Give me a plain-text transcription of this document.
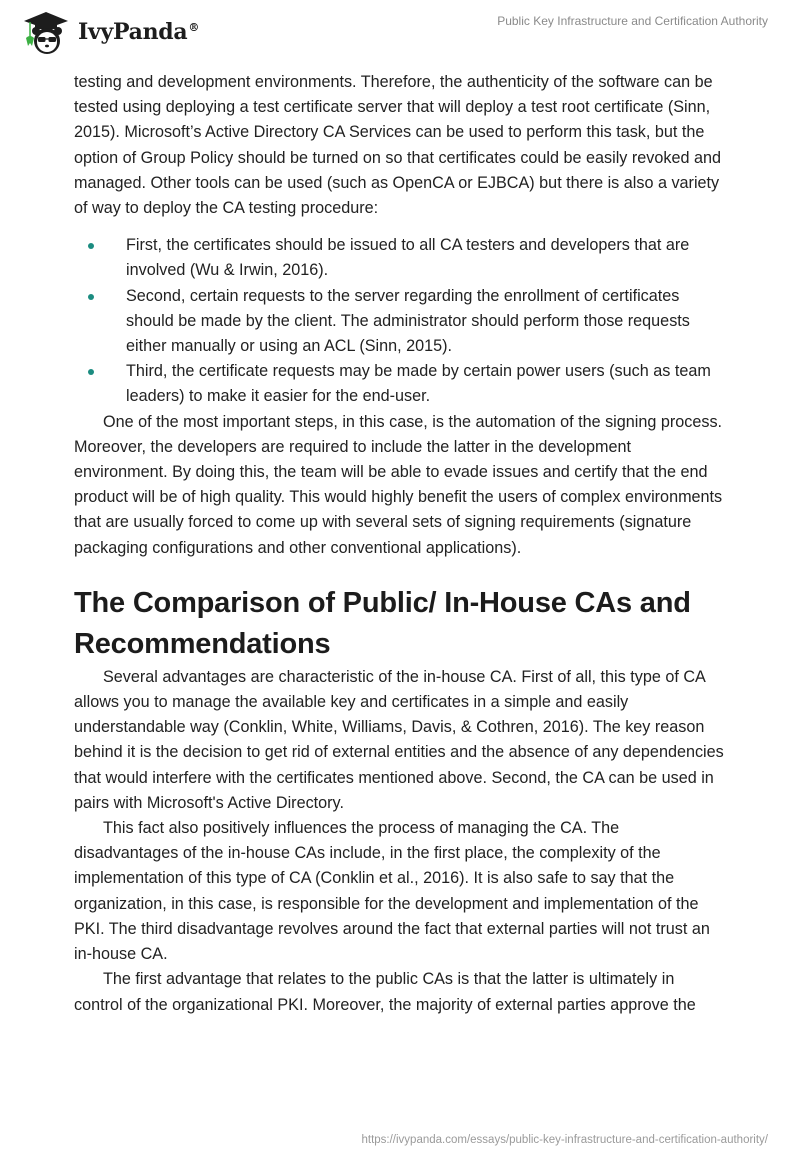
IvyPanda®	Public Key Infrastructure and Certification Authority

testing and development environments. Therefore, the authenticity of the software can be tested using deploying a test certificate server that will deploy a test root certificate (Sinn, 2015). Microsoft’s Active Directory CA Services can be used to perform this task, but the option of Group Policy should be turned on so that certificates could be easily revoked and managed. Other tools can be used (such as OpenCA or EJBCA) but there is also a variety of way to deploy the CA testing procedure:

First, the certificates should be issued to all CA testers and developers that are involved (Wu & Irwin, 2016).
Second, certain requests to the server regarding the enrollment of certificates should be made by the client. The administrator should perform those requests either manually or using an ACL (Sinn, 2015).
Third, the certificate requests may be made by certain power users (such as team leaders) to make it easier for the end-user.

One of the most important steps, in this case, is the automation of the signing process. Moreover, the developers are required to include the latter in the development environment. By doing this, the team will be able to evade issues and certify that the end product will be of high quality. This would highly benefit the users of complex environments that are usually forced to come up with several sets of signing requirements (signature packaging configurations and other conventional applications).

The Comparison of Public/ In-House CAs and Recommendations

Several advantages are characteristic of the in-house CA. First of all, this type of CA allows you to manage the available key and certificates in a simple and easily understandable way (Conklin, White, Williams, Davis, & Cothren, 2016). The key reason behind it is the decision to get rid of external entities and the absence of any dependencies that would interfere with the certificates mentioned above. Second, the CA can be used in pairs with Microsoft's Active Directory.

This fact also positively influences the process of managing the CA. The disadvantages of the in-house CAs include, in the first place, the complexity of the implementation of this type of CA (Conklin et al., 2016). It is also safe to say that the organization, in this case, is responsible for the development and implementation of the PKI. The third disadvantage revolves around the fact that external parties will not trust an in-house CA.

The first advantage that relates to the public CAs is that the latter is ultimately in control of the organizational PKI. Moreover, the majority of external parties approve the

https://ivypanda.com/essays/public-key-infrastructure-and-certification-authority/
